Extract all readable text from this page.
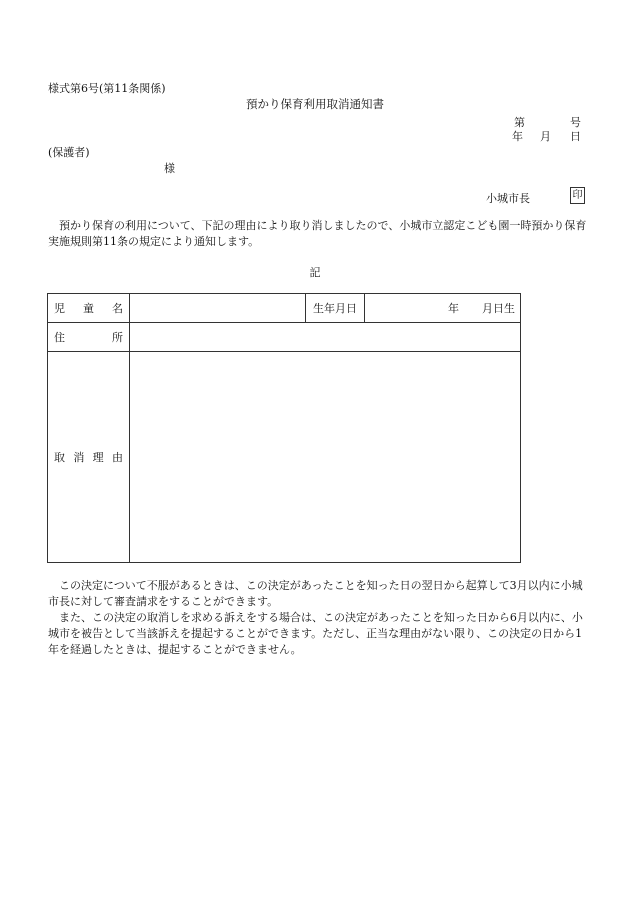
様式第6号(第11条関係)
預かり保育利用取消通知書
第	号
年 月 日
(保護者)
様
小城市長	印
預かり保育の利用について、下記の理由により取り消しましたので、小城市立認定こども園一時預かり保育実施規則第11条の規定により通知します。
記
児童名		生年月日	年 月日生
住所			
取消理由			
この決定について不服があるときは、この決定があったことを知った日の翌日から起算して3月以内に小城市長に対して審査請求をすることができます。
また、この決定の取消しを求める訴えをする場合は、この決定があったことを知った日から6月以内に、小城市を被告として当該訴えを提起することができます。ただし、正当な理由がない限り、この決定の日から1年を経過したときは、提起することができません。
